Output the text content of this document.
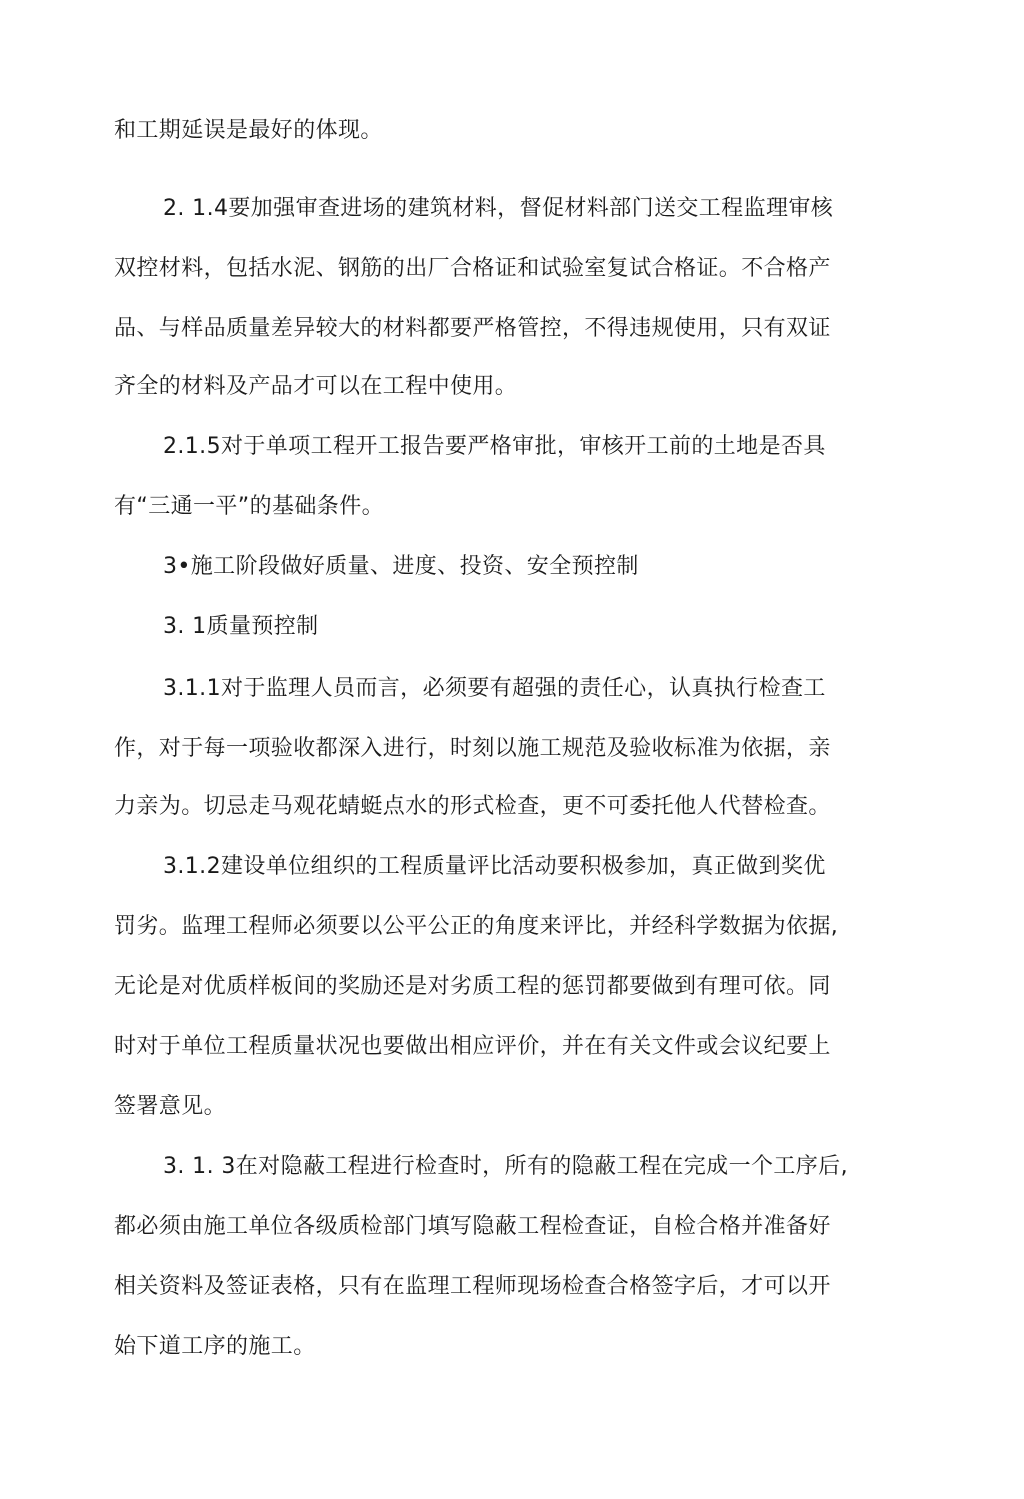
和工期延误是最好的体现。
2. 1.4要加强审查进场的建筑材料，督促材料部门送交工程监理审核
双控材料，包括水泥、钢筋的出厂合格证和试验室复试合格证。不合格产
品、与样品质量差异较大的材料都要严格管控，不得违规使用，只有双证
齐全的材料及产品才可以在工程中使用。
2.1.5对于单项工程开工报告要严格审批，审核开工前的土地是否具
有“三通一平”的基础条件。
3•施工阶段做好质量、进度、投资、安全预控制
3. 1质量预控制
3.1.1对于监理人员而言，必须要有超强的责任心，认真执行检查工
作，对于每一项验收都深入进行，时刻以施工规范及验收标准为依据，亲
力亲为。切忌走马观花蜻蜓点水的形式检查，更不可委托他人代替检查。
3.1.2建设单位组织的工程质量评比活动要积极参加，真正做到奖优
罚劣。监理工程师必须要以公平公正的角度来评比，并经科学数据为依据,
无论是对优质样板间的奖励还是对劣质工程的惩罚都要做到有理可依。同
时对于单位工程质量状况也要做出相应评价，并在有关文件或会议纪要上
签署意见。
3. 1. 3在对隐蔽工程进行检查时，所有的隐蔽工程在完成一个工序后,
都必须由施工单位各级质检部门填写隐蔽工程检查证，自检合格并准备好
相关资料及签证表格，只有在监理工程师现场检查合格签字后，才可以开
始下道工序的施工。
